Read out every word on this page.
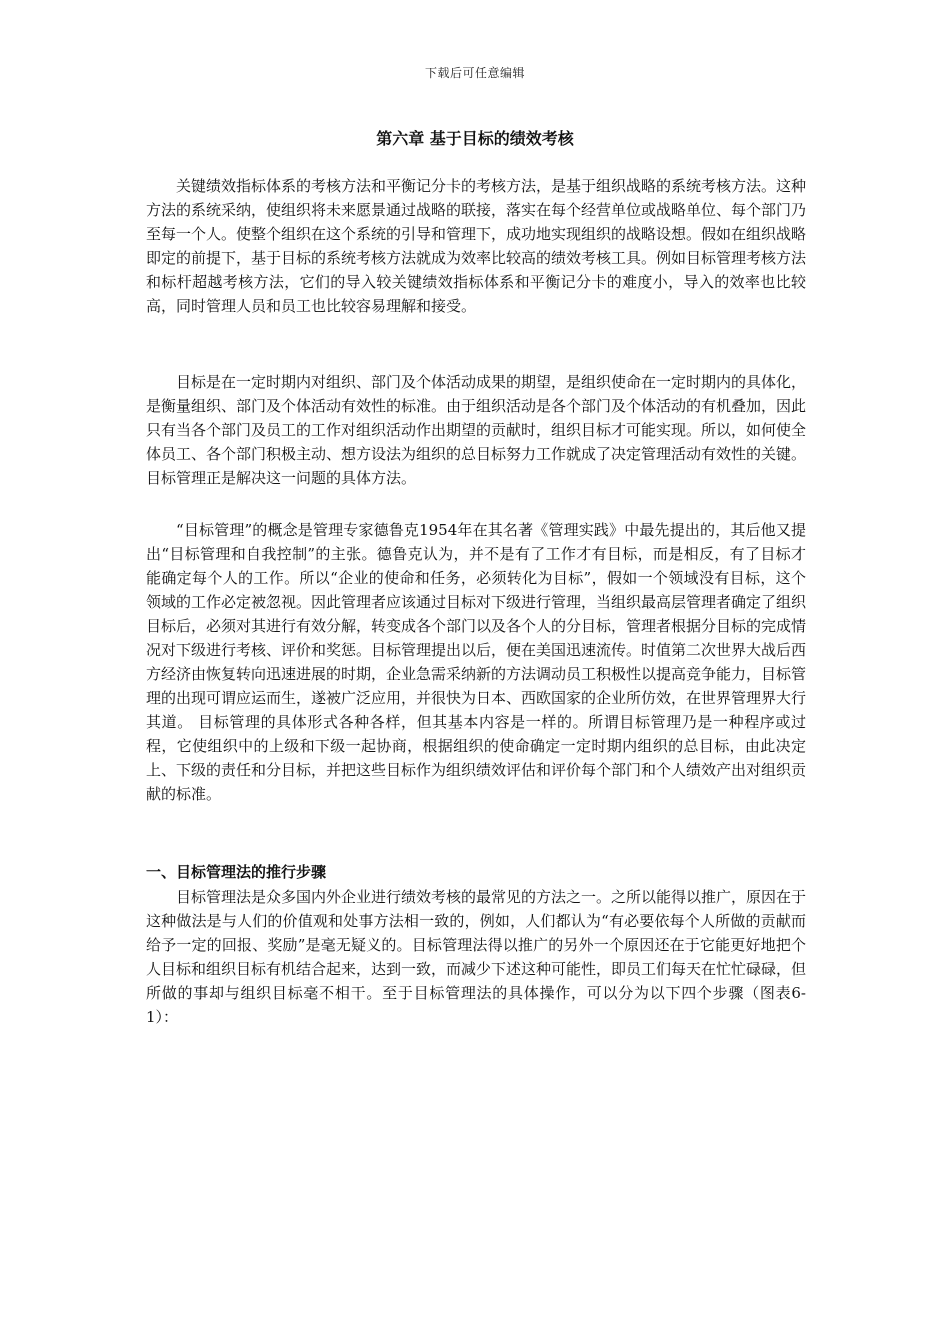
下载后可任意编辑
第六章 基于目标的绩效考核

关键绩效指标体系的考核方法和平衡记分卡的考核方法，是基于组织战略的系统考核方法。这种方法的系统采纳，使组织将未来愿景通过战略的联接，落实在每个经营单位或战略单位、每个部门乃至每一个人。使整个组织在这个系统的引导和管理下，成功地实现组织的战略设想。假如在组织战略即定的前提下，基于目标的系统考核方法就成为效率比较高的绩效考核工具。例如目标管理考核方法和标杆超越考核方法，它们的导入较关键绩效指标体系和平衡记分卡的难度小，导入的效率也比较高，同时管理人员和员工也比较容易理解和接受。

目标是在一定时期内对组织、部门及个体活动成果的期望，是组织使命在一定时期内的具体化，是衡量组织、部门及个体活动有效性的标准。由于组织活动是各个部门及个体活动的有机叠加，因此只有当各个部门及员工的工作对组织活动作出期望的贡献时，组织目标才可能实现。所以，如何使全体员工、各个部门积极主动、想方设法为组织的总目标努力工作就成了决定管理活动有效性的关键。目标管理正是解决这一问题的具体方法。

“目标管理”的概念是管理专家德鲁克1954年在其名著《管理实践》中最先提出的，其后他又提出“目标管理和自我控制”的主张。德鲁克认为，并不是有了工作才有目标，而是相反，有了目标才能确定每个人的工作。所以“企业的使命和任务，必须转化为目标”，假如一个领域没有目标，这个领域的工作必定被忽视。因此管理者应该通过目标对下级进行管理，当组织最高层管理者确定了组织目标后，必须对其进行有效分解，转变成各个部门以及各个人的分目标，管理者根据分目标的完成情况对下级进行考核、评价和奖惩。目标管理提出以后，便在美国迅速流传。时值第二次世界大战后西方经济由恢复转向迅速进展的时期，企业急需采纳新的方法调动员工积极性以提高竞争能力，目标管理的出现可谓应运而生，遂被广泛应用，并很快为日本、西欧国家的企业所仿效，在世界管理界大行其道。 目标管理的具体形式各种各样，但其基本内容是一样的。所谓目标管理乃是一种程序或过程，它使组织中的上级和下级一起协商，根据组织的使命确定一定时期内组织的总目标，由此决定上、下级的责任和分目标，并把这些目标作为组织绩效评估和评价每个部门和个人绩效产出对组织贡献的标准。

一、目标管理法的推行步骤

目标管理法是众多国内外企业进行绩效考核的最常见的方法之一。之所以能得以推广，原因在于这种做法是与人们的价值观和处事方法相一致的，例如，人们都认为“有必要依每个人所做的贡献而给予一定的回报、奖励”是毫无疑义的。目标管理法得以推广的另外一个原因还在于它能更好地把个人目标和组织目标有机结合起来，达到一致，而减少下述这种可能性，即员工们每天在忙忙碌碌，但所做的事却与组织目标毫不相干。至于目标管理法的具体操作，可以分为以下四个步骤（图表6-1）：
